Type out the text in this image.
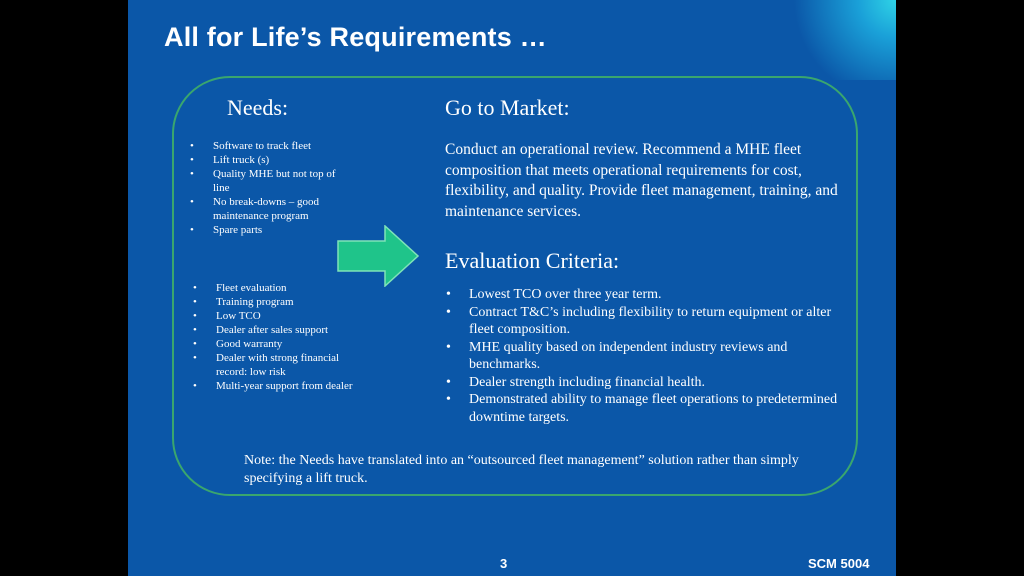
All for Life’s Requirements …
Needs:
• Software to track fleet
• Lift truck (s)
• Quality MHE but not top of line
• No break-downs – good maintenance program
• Spare parts
• Fleet evaluation
• Training program
• Low TCO
• Dealer after sales support
• Good warranty
• Dealer with strong financial record: low risk
• Multi-year support from dealer
Go to Market:

Conduct an operational review. Recommend a MHE fleet composition that meets operational requirements for cost, flexibility, and quality. Provide fleet management, training, and maintenance services.

Evaluation Criteria:
• Lowest TCO over three year term.
• Contract T&C’s including flexibility to return equipment or alter fleet composition.
• MHE quality based on independent industry reviews and benchmarks.
• Dealer strength including financial health.
• Demonstrated ability to manage fleet operations to predetermined downtime targets.

Note: the Needs have translated into an “outsourced fleet management” solution rather than simply specifying a lift truck.

3	SCM 5004
